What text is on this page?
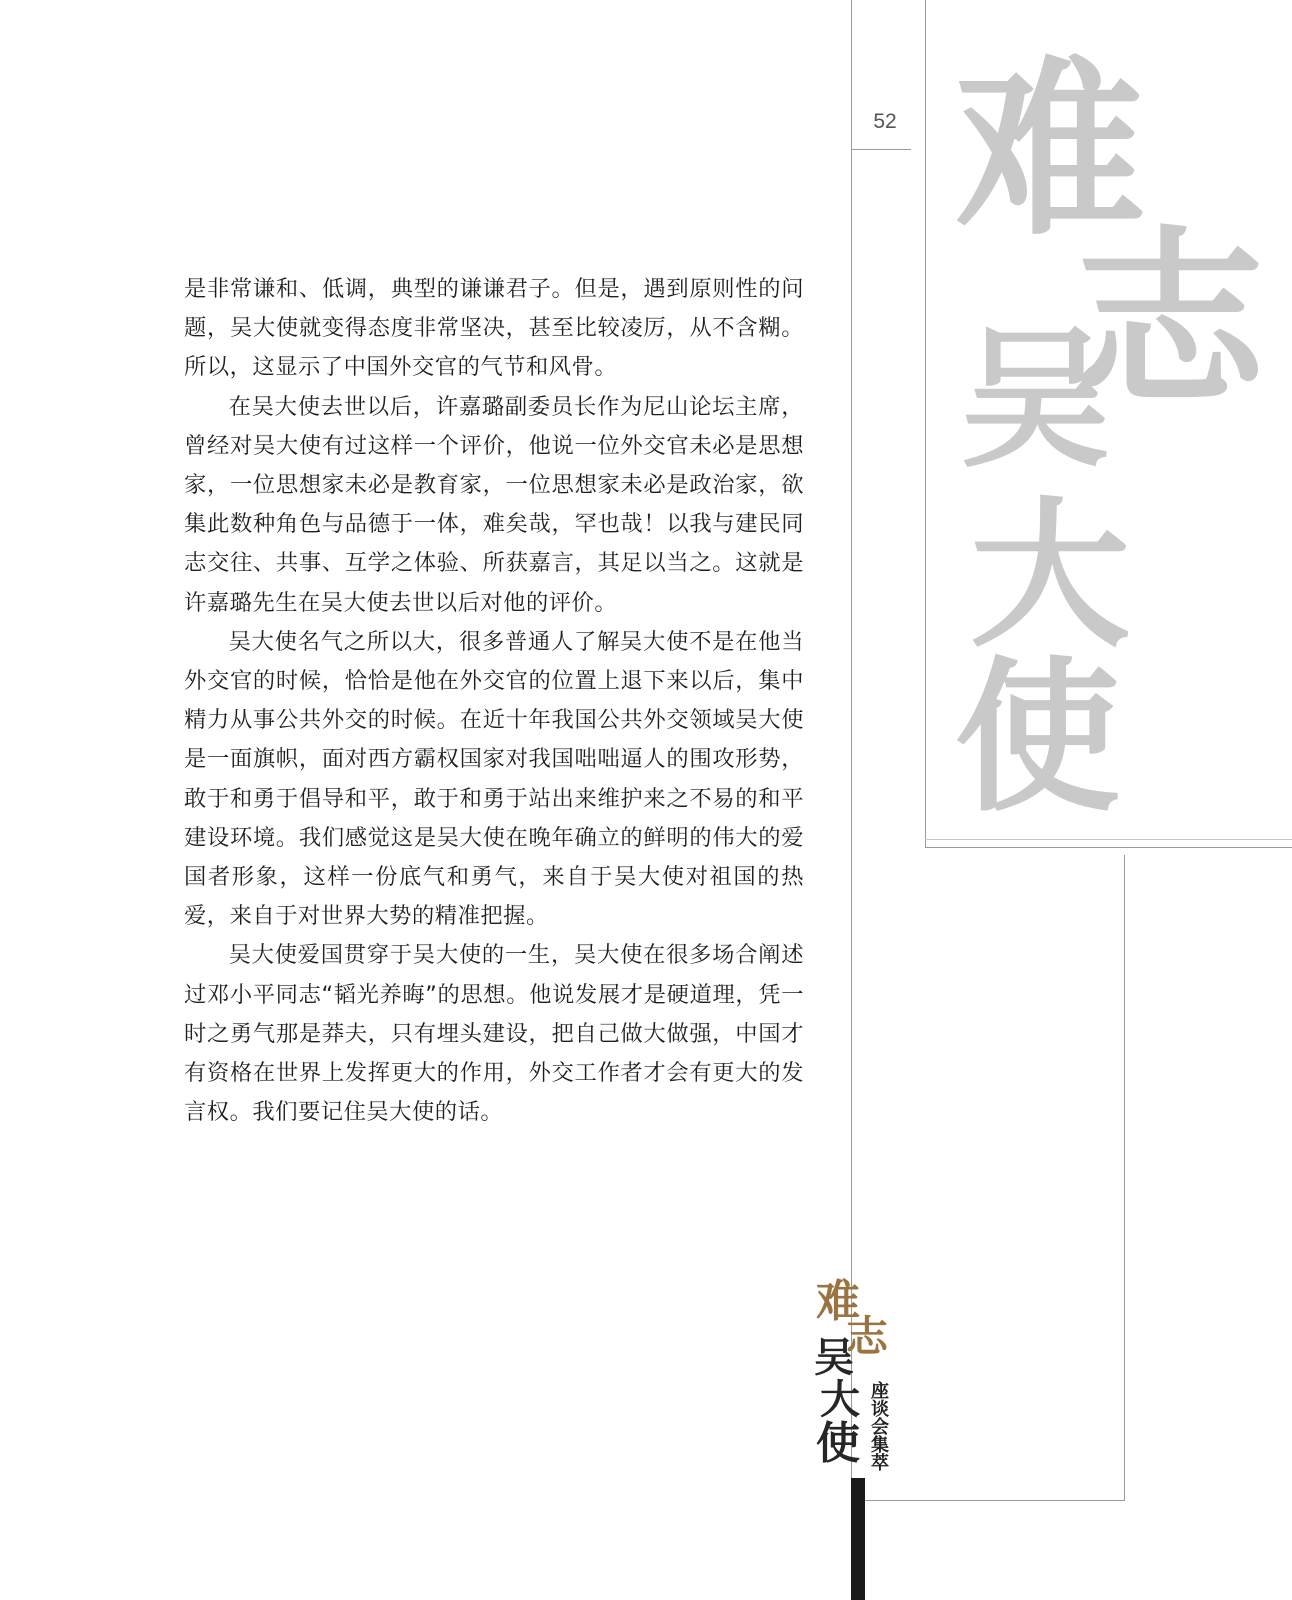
52 难
志
吴
大
使

是非常谦和、低调，典型的谦谦君子。但是，遇到原则性的问题，吴大使就变得态度非常坚决，甚至比较凌厉，从不含糊。所以，这显示了中国外交官的气节和风骨。

在吴大使去世以后，许嘉璐副委员长作为尼山论坛主席，曾经对吴大使有过这样一个评价，他说一位外交官未必是思想家，一位思想家未必是教育家，一位思想家未必是政治家，欲集此数种角色与品德于一体，难矣哉，罕也哉！以我与建民同志交往、共事、互学之体验、所获嘉言，其足以当之。这就是许嘉璐先生在吴大使去世以后对他的评价。

吴大使名气之所以大，很多普通人了解吴大使不是在他当外交官的时候，恰恰是他在外交官的位置上退下来以后，集中精力从事公共外交的时候。在近十年我国公共外交领域吴大使是一面旗帜，面对西方霸权国家对我国咄咄逼人的围攻形势，敢于和勇于倡导和平，敢于和勇于站出来维护来之不易的和平建设环境。我们感觉这是吴大使在晚年确立的鲜明的伟大的爱国者形象，这样一份底气和勇气，来自于吴大使对祖国的热爱，来自于对世界大势的精准把握。

吴大使爱国贯穿于吴大使的一生，吴大使在很多场合阐述过邓小平同志“韬光养晦”的思想。他说发展才是硬道理，凭一时之勇气那是莽夫，只有埋头建设，把自己做大做强，中国才有资格在世界上发挥更大的作用，外交工作者才会有更大的发言权。我们要记住吴大使的话。

难
志
吴
大
使 座谈会集萃
